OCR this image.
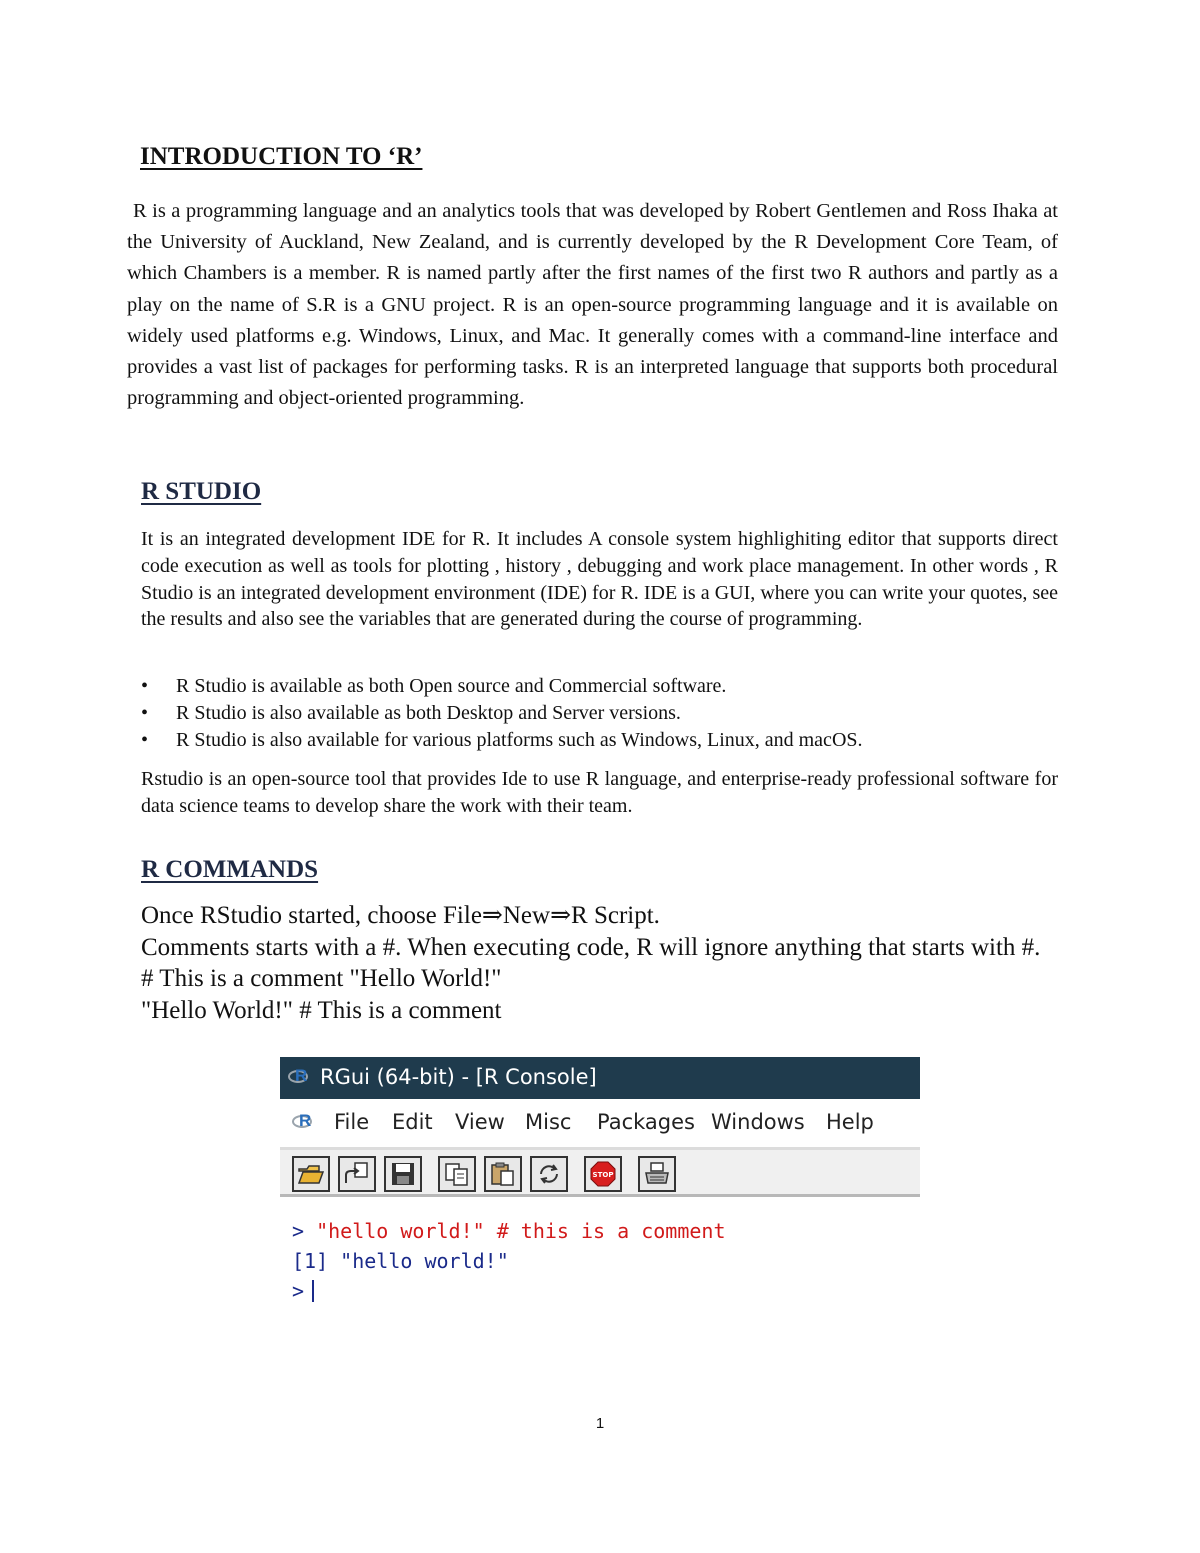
INTRODUCTION TO ‘R’

R is a programming language and an analytics tools that was developed by Robert Gentlemen and Ross Ihaka at the University of Auckland, New Zealand, and is currently developed by the R Development Core Team, of which Chambers is a member. R is named partly after the first names of the first two R authors and partly as a play on the name of S.R is a GNU project. R is an open-source programming language and it is available on widely used platforms e.g. Windows, Linux, and Mac. It generally comes with a command-line interface and provides a vast list of packages for performing tasks. R is an interpreted language that supports both procedural programming and object-oriented programming.

R STUDIO

It is an integrated development IDE for R. It includes A console system highlighiting editor that supports direct code execution as well as tools for plotting , history , debugging and work place management. In other words , R Studio is an integrated development environment (IDE) for R. IDE is a GUI, where you can write your quotes, see the results and also see the variables that are generated during the course of programming.

• R Studio is available as both Open source and Commercial software.
• R Studio is also available as both Desktop and Server versions.
• R Studio is also available for various platforms such as Windows, Linux, and macOS.

Rstudio is an open-source tool that provides Ide to use R language, and enterprise-ready professional software for data science teams to develop share the work with their team.

R COMMANDS

Once RStudio started, choose File⇒New⇒R Script.

Comments starts with a #. When executing code, R will ignore anything that starts with #.

# This is a comment "Hello World!"

"Hello World!" # This is a comment

R RGui (64-bit) - [R Console]
R File Edit View Misc Packages Windows Help
STOP
> "hello world!" # this is a comment
[1] "hello world!"
>
1
